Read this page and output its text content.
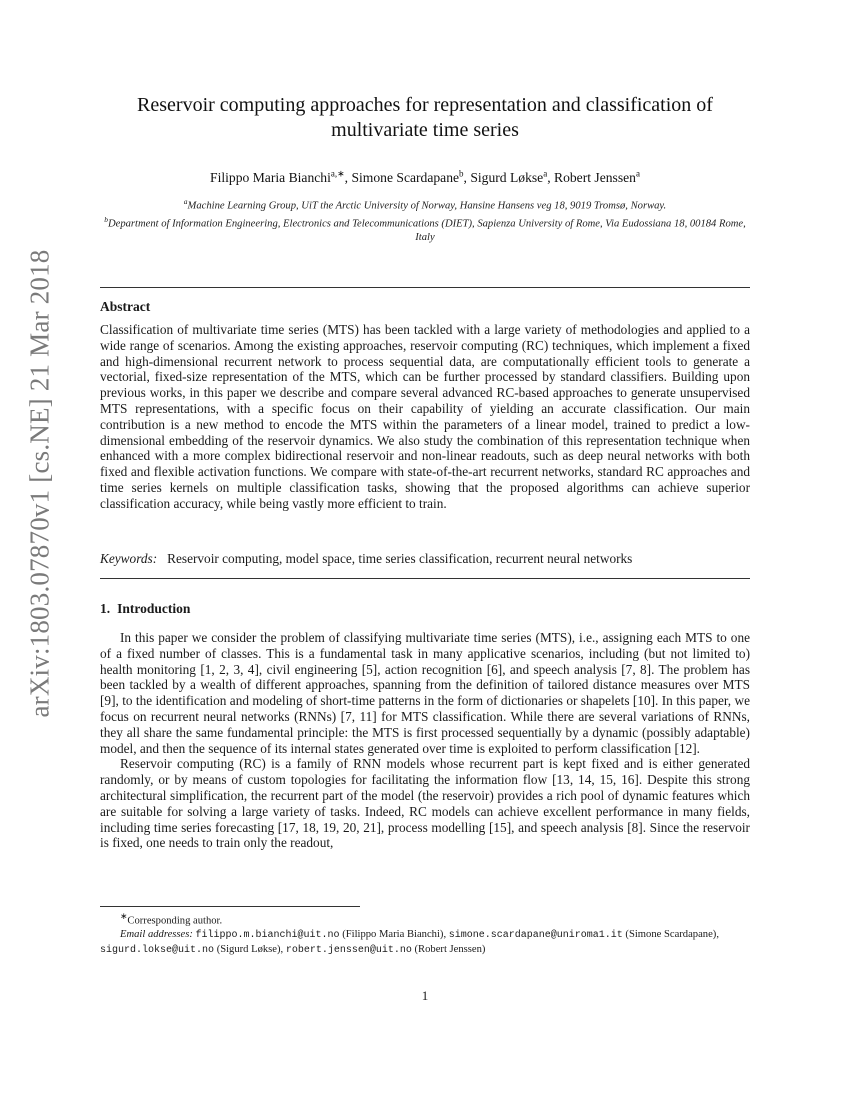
arXiv:1803.07870v1 [cs.NE] 21 Mar 2018
Reservoir computing approaches for representation and classification of multivariate time series
Filippo Maria Bianchi$^{a,∗}$, Simone Scardapane$^b$, Sigurd Løkse$^a$, Robert Jenssen$^a$
$^a$Machine Learning Group, UiT the Arctic University of Norway, Hansine Hansens veg 18, 9019 Tromsø, Norway.
$^b$Department of Information Engineering, Electronics and Telecommunications (DIET), Sapienza University of Rome, Via Eudossiana 18, 00184 Rome, Italy
Abstract
Classification of multivariate time series (MTS) has been tackled with a large variety of methodologies and applied to a wide range of scenarios. Among the existing approaches, reservoir computing (RC) techniques, which implement a fixed and high-dimensional recurrent network to process sequential data, are computationally efficient tools to generate a vectorial, fixed-size representation of the MTS, which can be further processed by standard classifiers. Building upon previous works, in this paper we describe and compare several advanced RC-based approaches to generate unsupervised MTS representations, with a specific focus on their capability of yielding an accurate classification. Our main contribution is a new method to encode the MTS within the parameters of a linear model, trained to predict a low-dimensional embedding of the reservoir dynamics. We also study the combination of this representation technique when enhanced with a more complex bidirectional reservoir and non-linear readouts, such as deep neural networks with both fixed and flexible activation functions. We compare with state-of-the-art recurrent networks, standard RC approaches and time series kernels on multiple classification tasks, showing that the proposed algorithms can achieve superior classification accuracy, while being vastly more efficient to train.
Keywords: Reservoir computing, model space, time series classification, recurrent neural networks
1. Introduction

In this paper we consider the problem of classifying multivariate time series (MTS), i.e., assigning each MTS to one of a fixed number of classes. This is a fundamental task in many applicative scenarios, including (but not limited to) health monitoring [1, 2, 3, 4], civil engineering [5], action recognition [6], and speech analysis [7, 8]. The problem has been tackled by a wealth of different approaches, spanning from the definition of tailored distance measures over MTS [9], to the identification and modeling of short-time patterns in the form of dictionaries or shapelets [10]. In this paper, we focus on recurrent neural networks (RNNs) [7, 11] for MTS classification. While there are several variations of RNNs, they all share the same fundamental principle: the MTS is first processed sequentially by a dynamic (possibly adaptable) model, and then the sequence of its internal states generated over time is exploited to perform classification [12].

Reservoir computing (RC) is a family of RNN models whose recurrent part is kept fixed and is either generated randomly, or by means of custom topologies for facilitating the information flow [13, 14, 15, 16]. Despite this strong architectural simplification, the recurrent part of the model (the reservoir) provides a rich pool of dynamic features which are suitable for solving a large variety of tasks. Indeed, RC models can achieve excellent performance in many fields, including time series forecasting [17, 18, 19, 20, 21], process modelling [15], and speech analysis [8]. Since the reservoir is fixed, one needs to train only the readout,

∗Corresponding author.

Email addresses: filippo.m.bianchi@uit.no (Filippo Maria Bianchi), simone.scardapane@uniroma1.it (Simone Scardapane), sigurd.lokse@uit.no (Sigurd Løkse), robert.jenssen@uit.no (Robert Jenssen)

1
